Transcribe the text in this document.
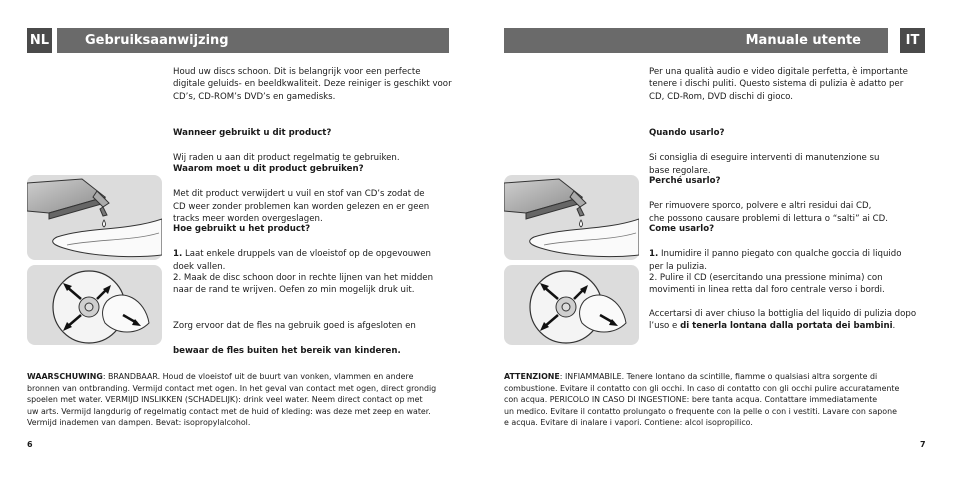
NL	Gebruiksaanwijzing
Houd uw discs schoon. Dit is belangrijk voor een perfecte
digitale geluids- en beeldkwaliteit. Deze reiniger is geschikt voor
CD’s, CD-ROM’s DVD’s en gamedisks.

Wanneer gebruikt u dit product?

Wij raden u aan dit product regelmatig te gebruiken.

Waarom moet u dit product gebruiken?

Met dit product verwijdert u vuil en stof van CD’s zodat de
CD weer zonder problemen kan worden gelezen en er geen
tracks meer worden overgeslagen.

Hoe gebruikt u het product?

1. Laat enkele druppels van de vloeistof op de opgevouwen
doek vallen.

2. Maak de disc schoon door in rechte lijnen van het midden
naar de rand te wrijven. Oefen zo min mogelijk druk uit.

Zorg ervoor dat de fles na gebruik goed is afgesloten en

bewaar de fles buiten het bereik van kinderen.

WAARSCHUWING: BRANDBAAR. Houd de vloeistof uit de buurt van vonken, vlammen en andere
bronnen van ontbranding. Vermijd contact met ogen. In het geval van contact met ogen, direct grondig
spoelen met water. VERMIJD INSLIKKEN (SCHADELIJK): drink veel water. Neem direct contact op met
uw arts. Vermijd langdurig of regelmatig contact met de huid of kleding: was deze met zeep en water.
Vermijd inademen van dampen. Bevat: isopropylalcohol.
6
Manuale utente	IT
Per una qualità audio e video digitale perfetta, è importante
tenere i dischi puliti. Questo sistema di pulizia è adatto per
CD, CD-Rom, DVD dischi di gioco.

Quando usarlo?

Si consiglia di eseguire interventi di manutenzione su
base regolare.

Perché usarlo?

Per rimuovere sporco, polvere e altri residui dai CD,
che possono causare problemi di lettura o “salti” ai CD.

Come usarlo?

1. Inumidire il panno piegato con qualche goccia di liquido
per la pulizia.

2. Pulire il CD (esercitando una pressione minima) con
movimenti in linea retta dal foro centrale verso i bordi.
Accertarsi di aver chiuso la bottiglia del liquido di pulizia dopo
l’uso e di tenerla lontana dalla portata dei bambini.
ATTENZIONE: INFIAMMABILE. Tenere lontano da scintille, fiamme o qualsiasi altra sorgente di
combustione. Evitare il contatto con gli occhi. In caso di contatto con gli occhi pulire accuratamente
con acqua. PERICOLO IN CASO DI INGESTIONE: bere tanta acqua. Contattare immediatamente
un medico. Evitare il contatto prolungato o frequente con la pelle o con i vestiti. Lavare con sapone
e acqua. Evitare di inalare i vapori. Contiene: alcol isopropilico.
7
